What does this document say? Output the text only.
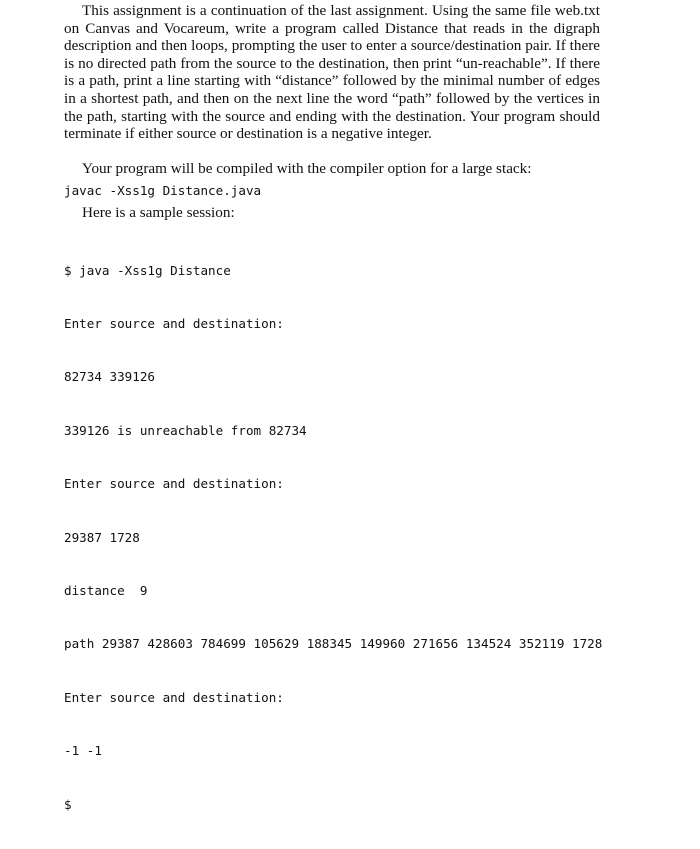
This assignment is a continuation of the last assignment. Using the same file web.txt on Canvas and Vocareum, write a program called Distance that reads in the digraph description and then loops, prompting the user to enter a source/destination pair. If there is no directed path from the source to the destination, then print “un-reachable”. If there is a path, print a line starting with “distance” followed by the minimal number of edges in a shortest path, and then on the next line the word “path” followed by the vertices in the path, starting with the source and ending with the destination. Your program should terminate if either source or destination is a negative integer.

Your program will be compiled with the compiler option for a large stack:

javac -Xss1g Distance.java

Here is a sample session:

$ java -Xss1g Distance

Enter source and destination:

82734 339126

339126 is unreachable from 82734

Enter source and destination:

29387 1728

distance  9

path 29387 428603 784699 105629 188345 149960 271656 134524 352119 1728

Enter source and destination:

-1 -1

$
